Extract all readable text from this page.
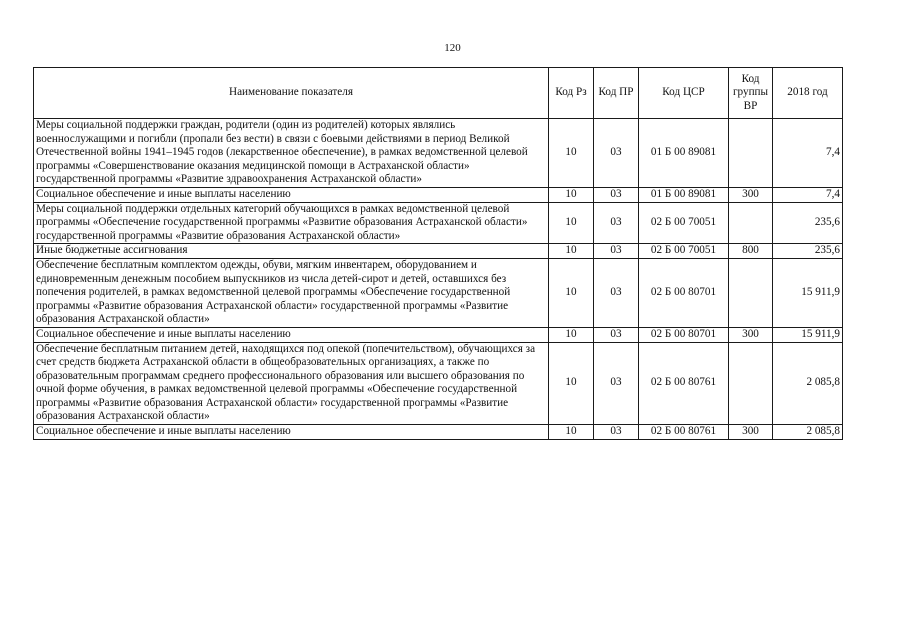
120
Наименование показателя	Код Рз	Код ПР	Код ЦСР	Код группы ВР	2018 год
Меры социальной поддержки граждан, родители (один из родителей) которых являлись военнослужащими и погибли (пропали без вести) в связи с боевыми действиями в период Великой Отечественной войны 1941–1945 годов (лекарственное обеспечение), в рамках ведомственной целевой программы «Совершенствование оказания медицинской помощи в Астраханской области» государственной программы «Развитие здравоохранения Астраханской области»	10	03	01 Б 00 89081		7,4
Социальное обеспечение и иные выплаты населению	10	03	01 Б 00 89081	300	7,4
Меры социальной поддержки отдельных категорий обучающихся в рамках ведомственной целевой программы «Обеспечение государственной программы «Развитие образования Астраханской области» государственной программы «Развитие образования Астраханской области»	10	03	02 Б 00 70051		235,6
Иные бюджетные ассигнования	10	03	02 Б 00 70051	800	235,6
Обеспечение бесплатным комплектом одежды, обуви, мягким инвентарем, оборудованием и единовременным денежным пособием выпускников из числа детей-сирот и детей, оставшихся без попечения родителей, в рамках ведомственной целевой программы «Обеспечение государственной программы «Развитие образования Астраханской области» государственной программы «Развитие образования Астраханской области»	10	03	02 Б 00 80701		15 911,9
Социальное обеспечение и иные выплаты населению	10	03	02 Б 00 80701	300	15 911,9
Обеспечение бесплатным питанием детей, находящихся под опекой (попечительством), обучающихся за счет средств бюджета Астраханской области в общеобразовательных организациях, а также по образовательным программам среднего профессионального образования или высшего образования по очной форме обучения, в рамках ведомственной целевой программы «Обеспечение государственной программы «Развитие образования Астраханской области» государственной программы «Развитие образования Астраханской области»	10	03	02 Б 00 80761		2 085,8
Социальное обеспечение и иные выплаты населению	10	03	02 Б 00 80761	300	2 085,8
